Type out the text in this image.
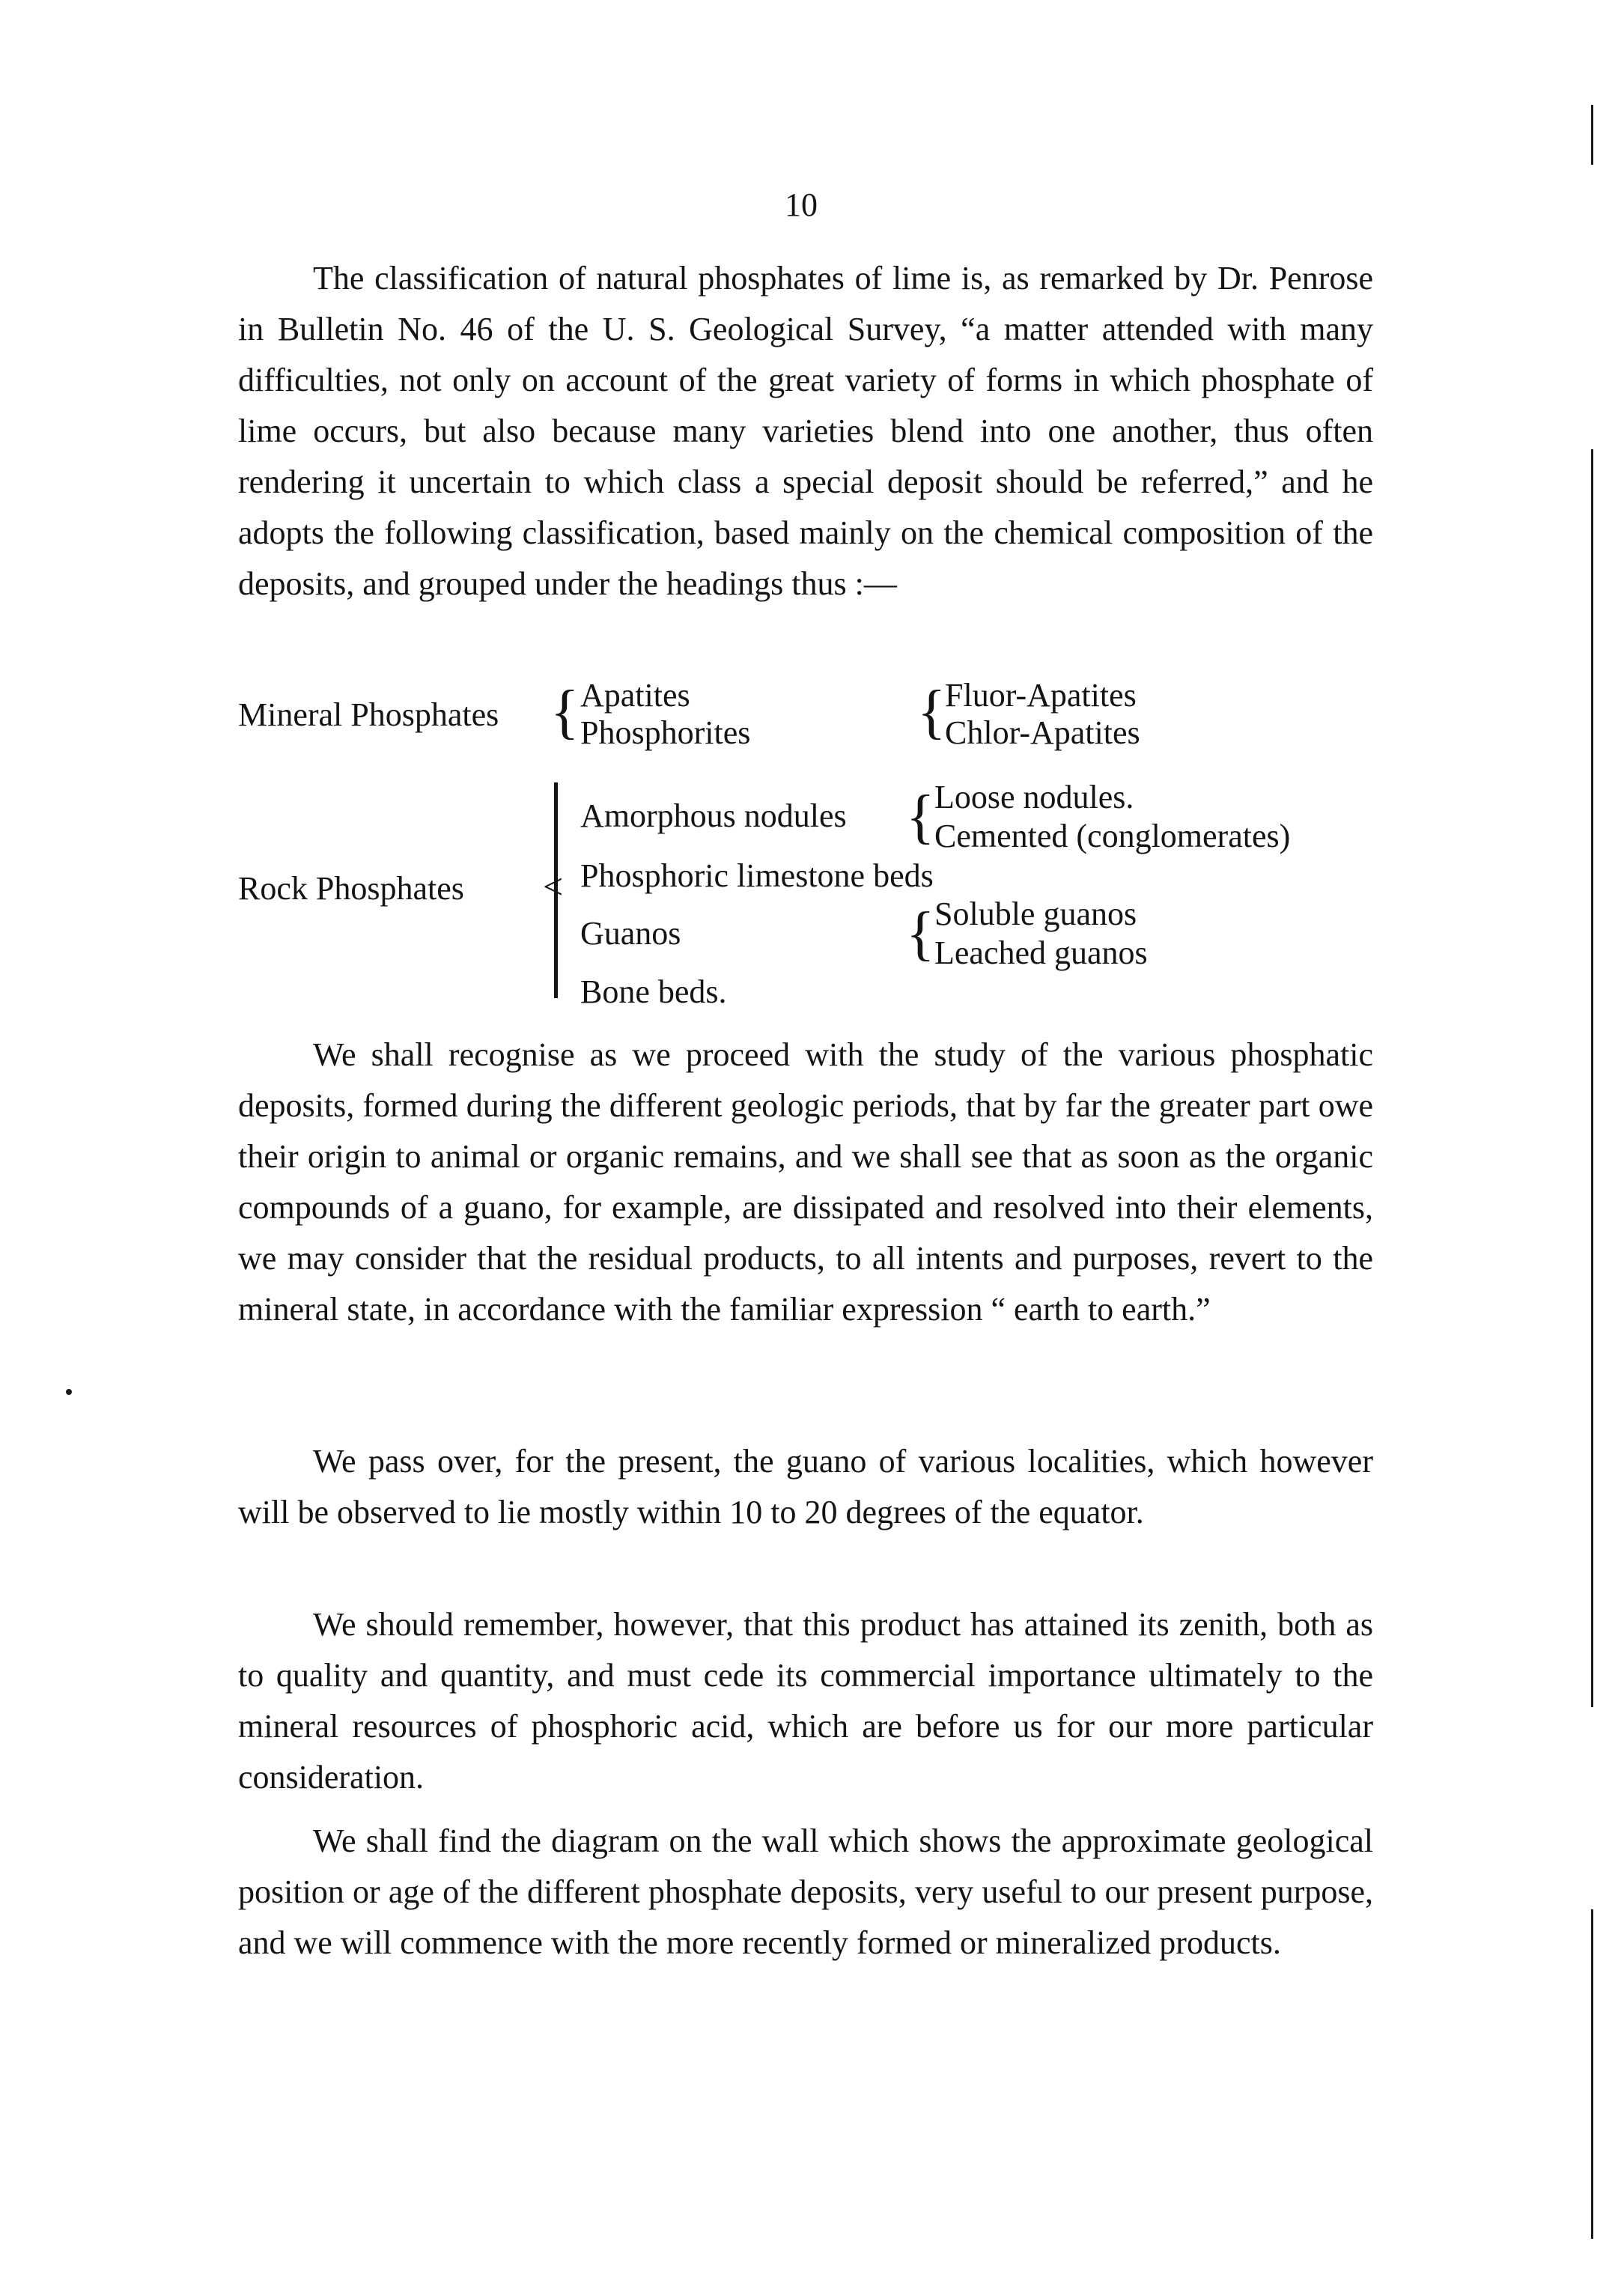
10

The classification of natural phosphates of lime is, as remarked by Dr. Penrose in Bulletin No. 46 of the U. S. Geological Survey, “a matter attended with many difficulties, not only on account of the great variety of forms in which phosphate of lime occurs, but also because many varieties blend into one another, thus often rendering it uncertain to which class a special deposit should be referred,” and he adopts the following classification, based mainly on the chemical composition of the deposits, and grouped under the headings thus :—

Mineral Phosphates { Apatites
Phosphorites	{
Fluor-Apatites
Chlor-Apatites
Rock Phosphates <
Amorphous nodules { Loose nodules.
Cemented (conglomerates)
Phosphoric limestone beds
Guanos	{ Soluble guanos
Leached guanos
Bone beds.

We shall recognise as we proceed with the study of the various phosphatic deposits, formed during the different geologic periods, that by far the greater part owe their origin to animal or organic remains, and we shall see that as soon as the organic compounds of a guano, for example, are dissipated and resolved into their elements, we may consider that the residual products, to all intents and purposes, revert to the mineral state, in accordance with the familiar expression “ earth to earth.”

We pass over, for the present, the guano of various localities, which however will be observed to lie mostly within 10 to 20 degrees of the equator.

We should remember, however, that this product has attained its zenith, both as to quality and quantity, and must cede its commercial importance ultimately to the mineral resources of phosphoric acid, which are before us for our more particular consideration.

We shall find the diagram on the wall which shows the approximate geological position or age of the different phosphate deposits, very useful to our present purpose, and we will commence with the more recently formed or mineralized products.
